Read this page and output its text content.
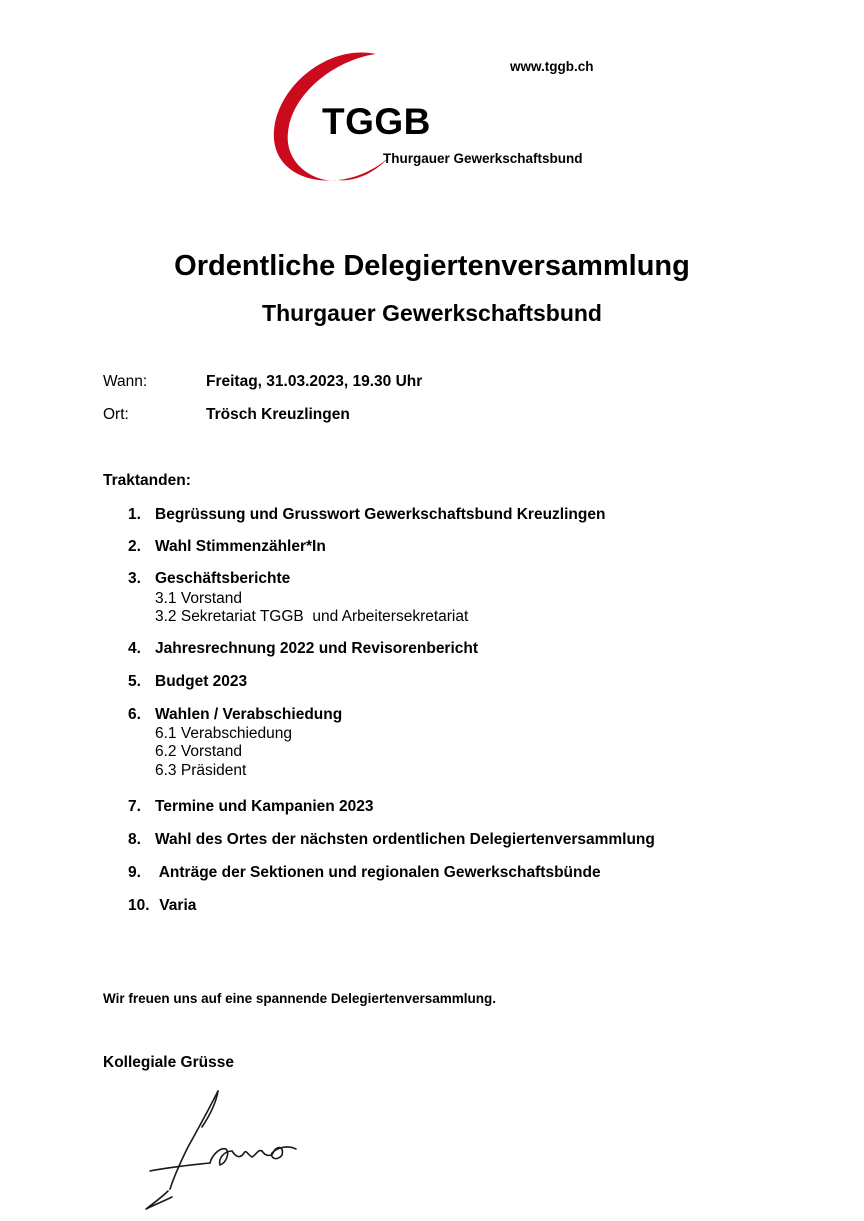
TGGB
Thurgauer Gewerkschaftsbund
www.tggb.ch
Ordentliche Delegiertenversammlung
Thurgauer Gewerkschaftsbund
Wann:	Freitag, 31.03.2023, 19.30 Uhr
Ort:	Trösch Kreuzlingen
Traktanden:
1. Begrüssung und Grusswort Gewerkschaftsbund Kreuzlingen
2. Wahl Stimmenzähler*In
3. Geschäftsberichte
3.1 Vorstand
3.2 Sekretariat TGGB  und Arbeitersekretariat
4. Jahresrechnung 2022 und Revisorenbericht
5. Budget 2023
6. Wahlen / Verabschiedung
6.1 Verabschiedung
6.2 Vorstand
6.3 Präsident
7. Termine und Kampanien 2023
8. Wahl des Ortes der nächsten ordentlichen Delegiertenversammlung
9. Anträge der Sektionen und regionalen Gewerkschaftsbünde
10. Varia
Wir freuen uns auf eine spannende Delegiertenversammlung.
Kollegiale Grüsse
